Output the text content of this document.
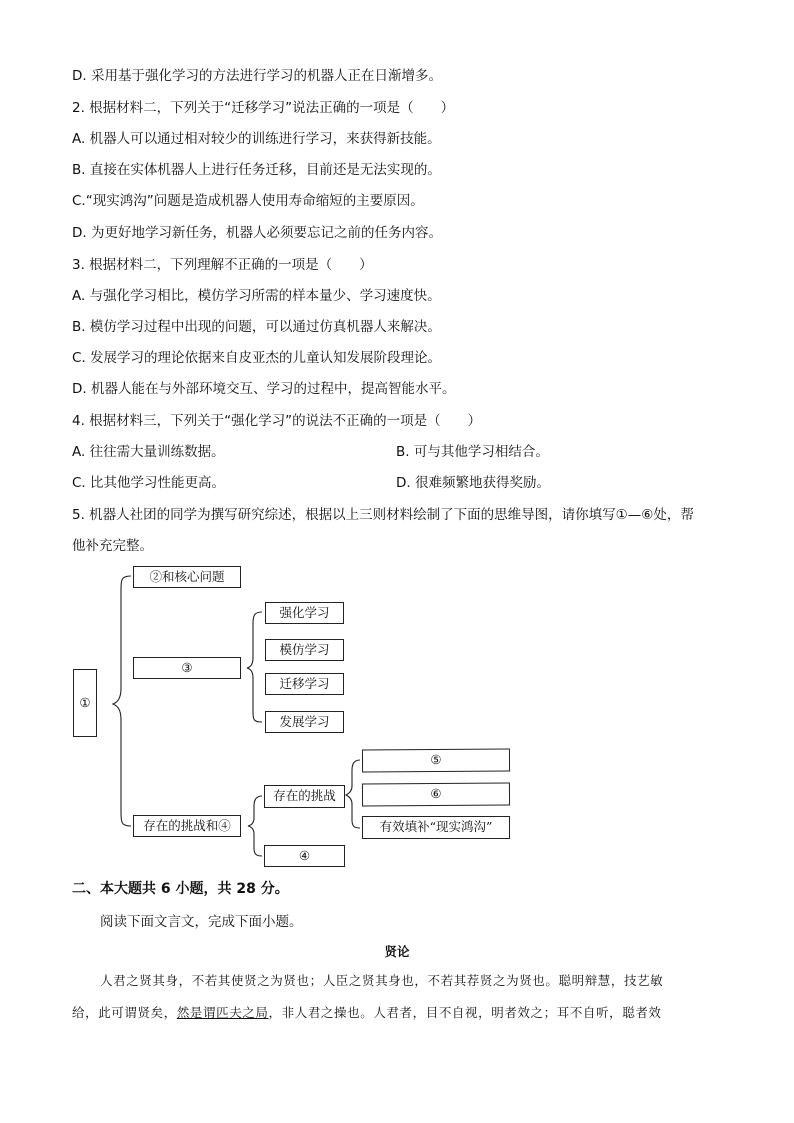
D. 采用基于强化学习的方法进行学习的机器人正在日渐增多。
2. 根据材料二，下列关于“迁移学习”说法正确的一项是（　　）
A. 机器人可以通过相对较少的训练进行学习，来获得新技能。
B. 直接在实体机器人上进行任务迁移，目前还是无法实现的。
C.“现实鸿沟”问题是造成机器人使用寿命缩短的主要原因。
D. 为更好地学习新任务，机器人必须要忘记之前的任务内容。
3. 根据材料二，下列理解不正确的一项是（　　）
A. 与强化学习相比，模仿学习所需的样本量少、学习速度快。
B. 模仿学习过程中出现的问题，可以通过仿真机器人来解决。
C. 发展学习的理论依据来自皮亚杰的儿童认知发展阶段理论。
D. 机器人能在与外部环境交互、学习的过程中，提高智能水平。
4. 根据材料三，下列关于“强化学习”的说法不正确的一项是（　　）
A. 往往需大量训练数据。	B. 可与其他学习相结合。
C. 比其他学习性能更高。	D. 很难频繁地获得奖励。
5. 机器人社团的同学为撰写研究综述，根据以上三则材料绘制了下面的思维导图，请你填写①—⑥处，帮
他补充完整。
①
②和核心问题
③
存在的挑战和④
强化学习
模仿学习
迁移学习
发展学习
存在的挑战
④
⑤
⑥
有效填补“现实鸿沟”
二、本大题共 6 小题，共 28 分。
阅读下面文言文，完成下面小题。
贤论
人君之贤其身，不若其使贤之为贤也；人臣之贤其身也，不若其荐贤之为贤也。聪明辩慧，技艺敏
给，此可谓贤矣，然是谓匹夫之局，非人君之操也。人君者，目不自视，明者效之；耳不自听，聪者效
